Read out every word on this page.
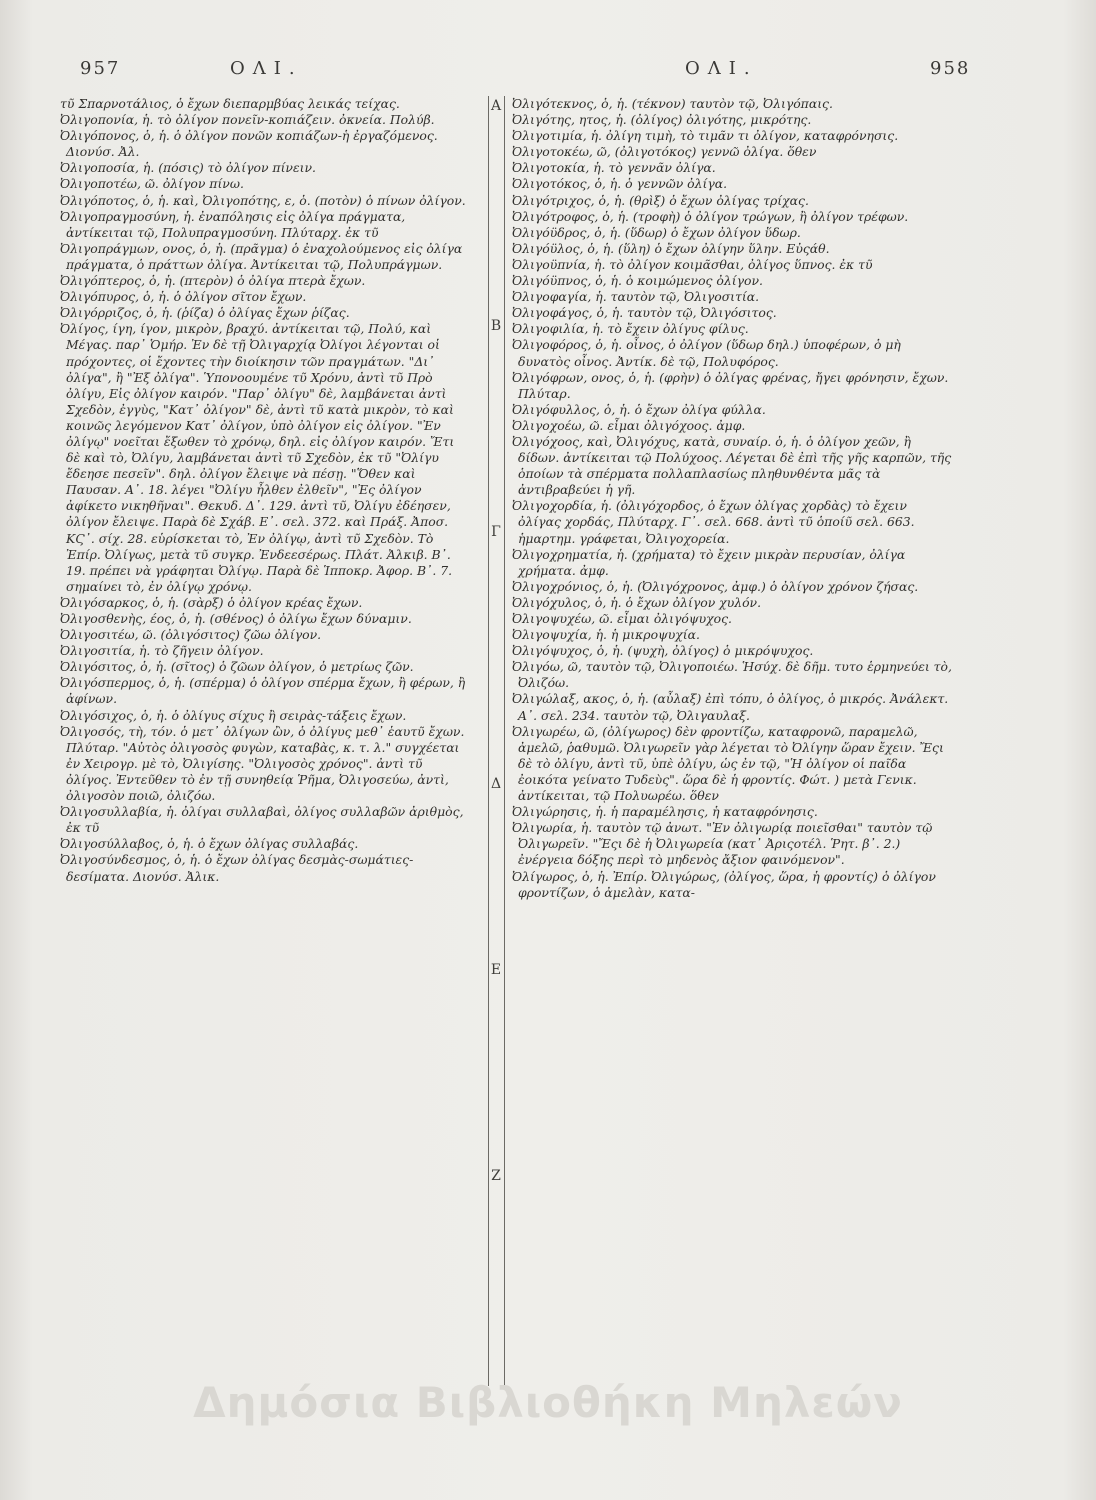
957	ΟΛΙ.	ΟΛΙ.	958
τῦ Σπαρνοτάλιος, ὁ ἔχων διεπαρμβύας λεικάς τείχας.
Ὀλιγοπονία, ἡ. τὸ ὀλίγον πονεῖν-κοπιάζειν. ὀκνεία. Πολύβ.
Ὀλιγόπονος, ὁ, ἡ. ὁ ὀλίγον πονῶν κοπιάζων-ἡ ἐργαζόμενος. Διονύσ. Ἀλ.
Ὀλιγοποσία, ἡ. (πόσις) τὸ ὀλίγον πίνειν.
Ὀλιγοποτέω, ῶ. ὀλίγον πίνω.
Ὀλιγόποτος, ὁ, ἡ. καὶ, Ὀλιγοπότης, ε, ὁ. (ποτὸν) ὁ πίνων ὀλίγον.
Ὀλιγοπραγμοσύνη, ἡ. ἐναπόλησις εἰς ὀλίγα πράγματα, ἀντίκειται τῷ, Πολυπραγμοσύνη. Πλύταρχ. ἐκ τῦ
Ὀλιγοπράγμων, ονος, ὁ, ἡ. (πρᾶγμα) ὁ ἐναχολούμενος εἰς ὀλίγα πράγματα, ὁ πράττων ὀλίγα. Ἀντίκειται τῷ, Πολυπράγμων.
Ὀλιγόπτερος, ὁ, ἡ. (πτερὸν) ὁ ὀλίγα πτερὰ ἔχων.
Ὀλιγόπυρος, ὁ, ἡ. ὁ ὀλίγον σῖτον ἔχων.
Ὀλιγόρριζος, ὁ, ἡ. (ῥίζα) ὁ ὀλίγας ἔχων ῥίζας.
Ὀλίγος, ίγη, ίγον, μικρὸν, βραχύ. ἀντίκειται τῷ, Πολύ, καὶ Μέγας. παρ᾽ Ὁμήρ. Ἐν δὲ τῇ Ὀλιγαρχίᾳ Ὀλίγοι λέγονται οἱ πρόχοντες, οἱ ἔχοντες τὴν διοίκησιν τῶν πραγμάτων. "Δι᾽ ὀλίγα", ἢ "Ἐξ ὀλίγα". Ὑπονοουμένε τῦ Χρόνυ, ἀντὶ τῦ Πρὸ ὀλίγυ, Εἰς ὀλίγον καιρόν. "Παρ᾽ ὀλίγυ" δὲ, λαμβάνεται ἀντὶ Σχεδὸν, ἐγγὺς, "Κατ᾽ ὀλίγον" δὲ, ἀντὶ τῦ κατὰ μικρὸν, τὸ καὶ κοινῶς λεγόμενον Κατ᾽ ὀλίγον, ὑπὸ ὀλίγον εἰς ὀλίγον. "Ἐν ὀλίγῳ" νοεῖται ἔξωθεν τὸ χρόνῳ, δηλ. εἰς ὀλίγον καιρόν. Ἔτι δὲ καὶ τὸ, Ὀλίγυ, λαμβάνεται ἀντὶ τῦ Σχεδὸν, ἐκ τῦ "Ὀλίγυ ἔδεησε πεσεῖν". δηλ. ὀλίγον ἔλειψε νὰ πέσῃ. "Ὅθεν καὶ Παυσαν. Α᾽. 18. λέγει "Ὀλίγυ ἦλθεν ἐλθεῖν", "Ἐς ὀλίγον ἀφίκετο νικηθῆναι". Θεκυδ. Δ᾽. 129. ἀντὶ τῦ, Ὀλίγυ ἐδέησεν, ὀλίγον ἔλειψε. Παρὰ δὲ Σχάβ. Ε᾽. σελ. 372. καὶ Πράξ. Ἀποσ. ΚϚ᾽. σίχ. 28. εὑρίσκεται τὸ, Ἐν ὀλίγῳ, ἀντὶ τῦ Σχεδὸν. Τὸ Ἐπίρ. Ὀλίγως, μετὰ τῦ συγκρ. Ἐνδεεσέρως. Πλάτ. Ἀλκιβ. Β᾽. 19. πρέπει νὰ γράφηται Ὀλίγῳ. Παρὰ δὲ Ἱπποκρ. Ἀφορ. Β᾽. 7. σημαίνει τὸ, ἐν ὀλίγῳ χρόνῳ.
Ὀλιγόσαρκος, ὁ, ἡ. (σὰρξ) ὁ ὀλίγον κρέας ἔχων.
Ὀλιγοσθενὴς, έος, ὁ, ἡ. (σθένος) ὁ ὀλίγω ἔχων δύναμιν.
Ὀλιγοσιτέω, ῶ. (ὀλιγόσιτος) ζῶω ὀλίγον.
Ὀλιγοσιτία, ἡ. τὸ ζῆγειν ὀλίγον.
Ὀλιγόσιτος, ὁ, ἡ. (σῖτος) ὁ ζῶων ὀλίγον, ὁ μετρίως ζῶν.
Ὀλιγόσπερμος, ὁ, ἡ. (σπέρμα) ὁ ὀλίγον σπέρμα ἔχων, ἢ φέρων, ἢ ἀφίνων.
Ὀλιγόσιχος, ὁ, ἡ. ὁ ὀλίγυς σίχυς ἢ σειρὰς-τάξεις ἔχων.
Ὀλιγοσός, τὴ, τόν. ὁ μετ᾽ ὀλίγων ὢν, ὁ ὀλίγυς μεθ᾽ ἑαυτῦ ἔχων. Πλύταρ. "Αὐτὸς ὀλιγοσὸς φυγὼν, καταβὰς, κ. τ. λ." συγχέεται ἐν Χειρογρ. μὲ τὸ, Ὀλιγίσης. "Ὀλιγοσὸς χρόνος". ἀντὶ τῦ ὀλίγος. Ἐντεῦθεν τὸ ἐν τῇ συνηθείᾳ Ῥῆμα, Ὀλιγοσεύω, ἀντὶ, ὀλιγοσὸν ποιῶ, ὀλιζόω.
Ὀλιγοσυλλαβία, ἡ. ὀλίγαι συλλαβαὶ, ὀλίγος συλλαβῶν ἀριθμὸς, ἐκ τῦ
Ὀλιγοσύλλαβος, ὁ, ἡ. ὁ ἔχων ὀλίγας συλλαβάς.
Ὀλιγοσύνδεσμος, ὁ, ἡ. ὁ ἔχων ὀλίγας δεσμὰς-σωμάτιες-δεσίματα. Διονύσ. Ἀλικ.
A
B
Γ
Δ
E
Z
Ὀλιγότεκνος, ὁ, ἡ. (τέκνον) ταυτὸν τῷ, Ὀλιγόπαις.
Ὀλιγότης, ητος, ἡ. (ὀλίγος) ὀλιγότης, μικρότης.
Ὀλιγοτιμία, ἡ. ὀλίγη τιμὴ, τὸ τιμᾶν τι ὀλίγον, καταφρόνησις.
Ὀλιγοτοκέω, ῶ, (ὀλιγοτόκος) γεννῶ ὀλίγα. ὅθεν
Ὀλιγοτοκία, ἡ. τὸ γεννᾶν ὀλίγα.
Ὀλιγοτόκος, ὁ, ἡ. ὁ γεννῶν ὀλίγα.
Ὀλιγότριχος, ὁ, ἡ. (θρὶξ) ὁ ἔχων ὀλίγας τρίχας.
Ὀλιγότροφος, ὁ, ἡ. (τροφὴ) ὁ ὀλίγον τρώγων, ἢ ὀλίγον τρέφων.
Ὀλιγόϋδρος, ὁ, ἡ. (ὕδωρ) ὁ ἔχων ὀλίγον ὕδωρ.
Ὀλιγόϋλος, ὁ, ἡ. (ὕλη) ὁ ἔχων ὀλίγην ὕλην. Εὐςάθ.
Ὀλιγοϋπνία, ἡ. τὸ ὀλίγον κοιμᾶσθαι, ὀλίγος ὕπνος. ἐκ τῦ
Ὀλιγόϋπνος, ὁ, ἡ. ὁ κοιμώμενος ὀλίγον.
Ὀλιγοφαγία, ἡ. ταυτὸν τῷ, Ὀλιγοσιτία.
Ὀλιγοφάγος, ὁ, ἡ. ταυτὸν τῷ, Ὀλιγόσιτος.
Ὀλιγοφιλία, ἡ. τὸ ἔχειν ὀλίγυς φίλυς.
Ὀλιγοφόρος, ὁ, ἡ. οἶνος, ὁ ὀλίγον (ὕδωρ δηλ.) ὑποφέρων, ὁ μὴ δυνατὸς οἶνος. Ἀντίκ. δὲ τῷ, Πολυφόρος.
Ὀλιγόφρων, ονος, ὁ, ἡ. (φρὴν) ὁ ὀλίγας φρένας, ἤγει φρόνησιν, ἔχων. Πλύταρ.
Ὀλιγόφυλλος, ὁ, ἡ. ὁ ἔχων ὀλίγα φύλλα.
Ὀλιγοχοέω, ῶ. εἶμαι ὀλιγόχοος. ἀμφ.
Ὀλιγόχοος, καὶ, Ὀλιγόχυς, κατὰ, συναίρ. ὁ, ἡ. ὁ ὀλίγον χεῶν, ἢ δίδων. ἀντίκειται τῷ Πολύχοος. Λέγεται δὲ ἐπὶ τῆς γῆς καρπῶν, τῆς ὁποίων τὰ σπέρματα πολλαπλασίως πληθυνθέντα μᾶς τὰ ἀντιβραβεύει ἡ γῆ.
Ὀλιγοχορδία, ἡ. (ὀλιγόχορδος, ὁ ἔχων ὀλίγας χορδὰς) τὸ ἔχειν ὀλίγας χορδάς, Πλύταρχ. Γ᾽. σελ. 668. ἀντὶ τῦ ὁποίῦ σελ. 663. ἡμαρτημ. γράφεται, Ὀλιγοχορεία.
Ὀλιγοχρηματία, ἡ. (χρήματα) τὸ ἔχειν μικρὰν περυσίαν, ὀλίγα χρήματα. ἀμφ.
Ὀλιγοχρόνιος, ὁ, ἡ. (Ὀλιγόχρονος, ἀμφ.) ὁ ὀλίγον χρόνον ζήσας.
Ὀλιγόχυλος, ὁ, ἡ. ὁ ἔχων ὀλίγον χυλόν.
Ὀλιγοψυχέω, ῶ. εἶμαι ὀλιγόψυχος.
Ὀλιγοψυχία, ἡ. ἡ μικροψυχία.
Ὀλιγόψυχος, ὁ, ἡ. (ψυχὴ, ὀλίγος) ὁ μικρόψυχος.
Ὀλιγόω, ῶ, ταυτὸν τῷ, Ὀλιγοποιέω. Ἡσύχ. δὲ δῆμ. τυτο ἑρμηνεύει τὸ, Ὀλιζόω.
Ὀλιγώλαξ, ακος, ὁ, ἡ. (αὖλαξ) ἐπὶ τόπυ, ὁ ὀλίγος, ὁ μικρός. Ἀνάλεκτ. Α᾽. σελ. 234. ταυτὸν τῷ, Ὀλιγαυλαξ.
Ὀλιγωρέω, ῶ, (ὀλίγωρος) δὲν φροντίζω, καταφρονῶ, παραμελῶ, ἀμελῶ, ῥαθυμῶ. Ὀλιγωρεῖν γὰρ λέγεται τὸ Ὀλίγην ὥραν ἔχειν. Ἔςι δὲ τὸ ὀλίγυ, ἀντὶ τῦ, ὑπὲ ὀλίγυ, ὡς ἐν τῷ, "Ἡ ὀλίγον οἱ παῖδα ἐοικότα γείνατο Τυδεὺς". ὥρα δὲ ἡ φροντίς. Φώτ. ) μετὰ Γενικ. ἀντίκειται, τῷ Πολυωρέω. ὅθεν
Ὀλιγώρησις, ἡ. ἡ παραμέλησις, ἡ καταφρόνησις.
Ὀλιγωρία, ἡ. ταυτὸν τῷ ἀνωτ. "Ἐν ὀλιγωρίᾳ ποιεῖσθαι" ταυτὸν τῷ Ὀλιγωρεῖν. "Ἔςι δὲ ἡ Ὀλιγωρεία (κατ᾽ Ἀριςοτέλ. Ῥητ. β᾽. 2.) ἐνέργεια δόξης περὶ τὸ μηδενὸς ἄξιον φαινόμενον".
Ὀλίγωρος, ὁ, ἡ. Ἐπίρ. Ὀλιγώρως, (ὀλίγος, ὥρα, ἡ φροντίς) ὁ ὀλίγον φροντίζων, ὁ ἀμελὰν, κατα-
Δημόσια Βιβλιοθήκη Μηλεών
